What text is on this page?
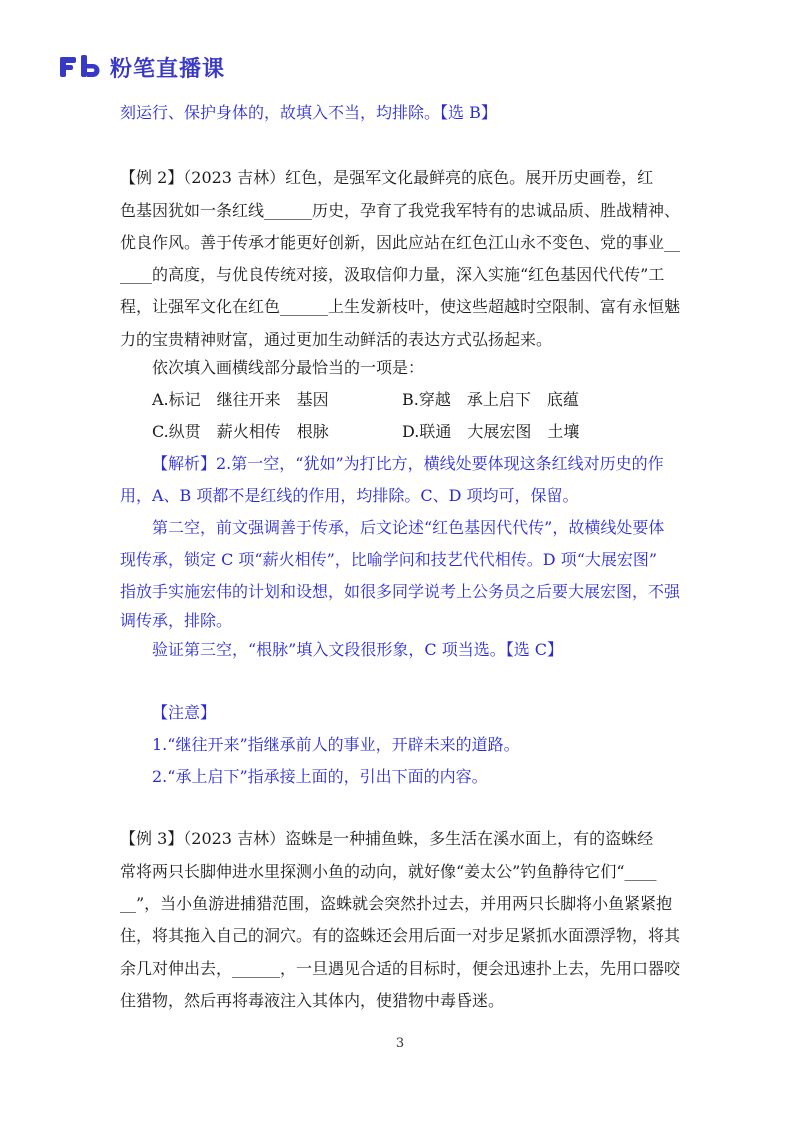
粉笔直播课
刻运行、保护身体的，故填入不当，均排除。【选 B】
【例 2】（2023 吉林）红色，是强军文化最鲜亮的底色。展开历史画卷，红
色基因犹如一条红线______历史，孕育了我党我军特有的忠诚品质、胜战精神、
优良作风。善于传承才能更好创新，因此应站在红色江山永不变色、党的事业__
____的高度，与优良传统对接，汲取信仰力量，深入实施“红色基因代代传”工
程，让强军文化在红色______上生发新枝叶，使这些超越时空限制、富有永恒魅
力的宝贵精神财富，通过更加生动鲜活的表达方式弘扬起来。
依次填入画横线部分最恰当的一项是：
A.标记　继往开来　基因	B.穿越　承上启下　底蕴
C.纵贯　薪火相传　根脉	D.联通　大展宏图　土壤
【解析】2.第一空，“犹如”为打比方，横线处要体现这条红线对历史的作
用，A、B 项都不是红线的作用，均排除。C、D 项均可，保留。
第二空，前文强调善于传承，后文论述“红色基因代代传”，故横线处要体
现传承，锁定 C 项“薪火相传”，比喻学问和技艺代代相传。D 项“大展宏图”
指放手实施宏伟的计划和设想，如很多同学说考上公务员之后要大展宏图，不强
调传承，排除。
验证第三空，“根脉”填入文段很形象，C 项当选。【选 C】
【注意】
1.“继往开来”指继承前人的事业，开辟未来的道路。
2.“承上启下”指承接上面的，引出下面的内容。
【例 3】（2023 吉林）盗蛛是一种捕鱼蛛，多生活在溪水面上，有的盗蛛经
常将两只长脚伸进水里探测小鱼的动向，就好像“姜太公”钓鱼静待它们“____
__”，当小鱼游进捕猎范围，盗蛛就会突然扑过去，并用两只长脚将小鱼紧紧抱
住，将其拖入自己的洞穴。有的盗蛛还会用后面一对步足紧抓水面漂浮物，将其
余几对伸出去，______，一旦遇见合适的目标时，便会迅速扑上去，先用口器咬
住猎物，然后再将毒液注入其体内，使猎物中毒昏迷。
3
